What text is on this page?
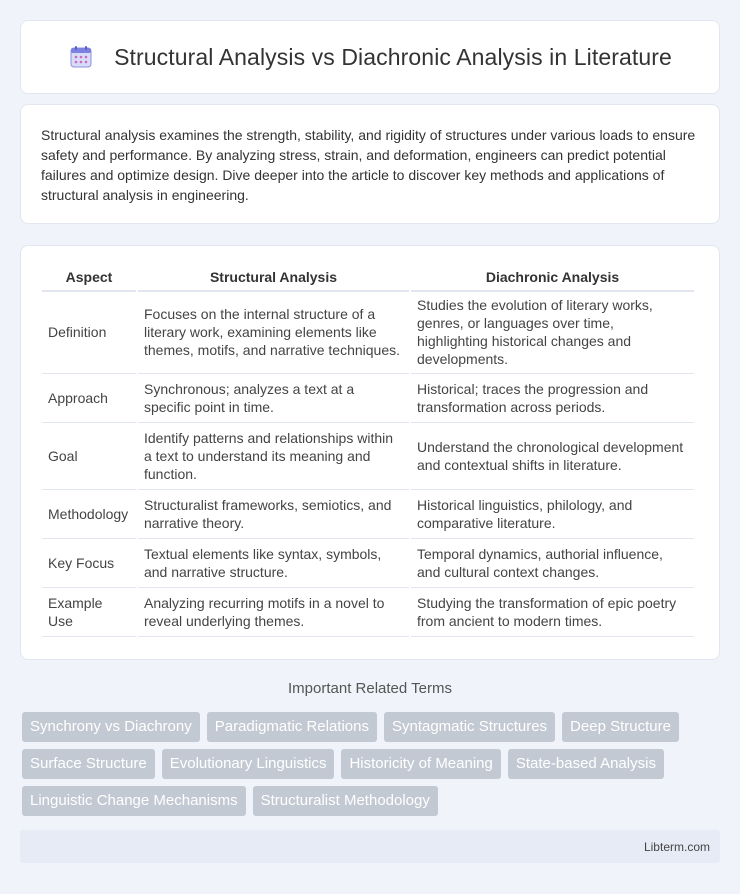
Structural Analysis vs Diachronic Analysis in Literature

Structural analysis examines the strength, stability, and rigidity of structures under various loads to ensure safety and performance. By analyzing stress, strain, and deformation, engineers can predict potential failures and optimize design. Dive deeper into the article to discover key methods and applications of structural analysis in engineering.

Aspect	Structural Analysis	Diachronic Analysis
Definition	Focuses on the internal structure of a literary work, examining elements like themes, motifs, and narrative techniques.	Studies the evolution of literary works, genres, or languages over time, highlighting historical changes and developments.
Approach	Synchronous; analyzes a text at a specific point in time.	Historical; traces the progression and transformation across periods.
Goal	Identify patterns and relationships within a text to understand its meaning and function.	Understand the chronological development and contextual shifts in literature.
Methodology	Structuralist frameworks, semiotics, and narrative theory.	Historical linguistics, philology, and comparative literature.
Key Focus	Textual elements like syntax, symbols, and narrative structure.	Temporal dynamics, authorial influence, and cultural context changes.
Example Use	Analyzing recurring motifs in a novel to reveal underlying themes.	Studying the transformation of epic poetry from ancient to modern times.
Important Related Terms
Synchrony vs Diachrony	Paradigmatic Relations	Syntagmatic Structures	Deep Structure
Surface Structure	Evolutionary Linguistics	Historicity of Meaning	State-based Analysis
Linguistic Change Mechanisms	Structuralist Methodology
Libterm.com
